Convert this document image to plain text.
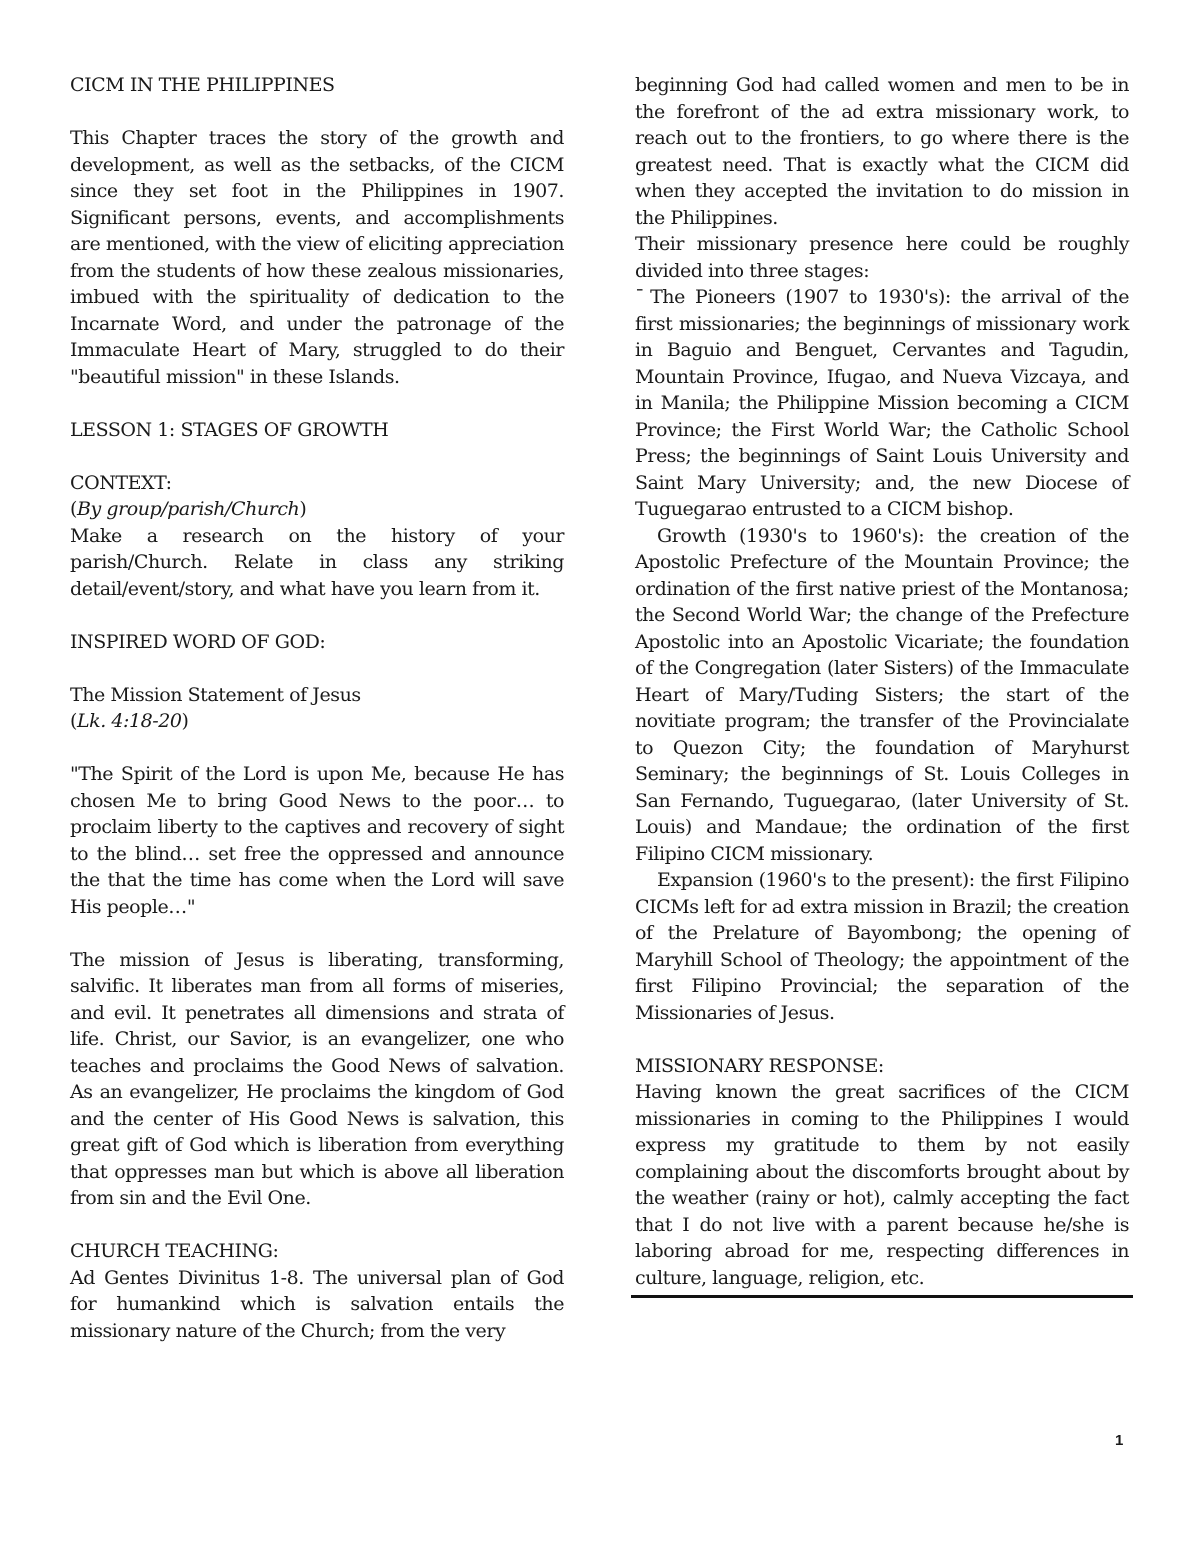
CICM IN THE PHILIPPINES

This Chapter traces the story of the growth and development, as well as the setbacks, of the CICM since they set foot in the Philippines in 1907. Significant persons, events, and accomplishments are mentioned, with the view of eliciting appreciation from the students of how these zealous missionaries, imbued with the spirituality of dedication to the Incarnate Word, and under the patronage of the Immaculate Heart of Mary, struggled to do their "beautiful mission" in these Islands.

LESSON 1: STAGES OF GROWTH

CONTEXT:

(By group/parish/Church)

Make a research on the history of your parish/Church. Relate in class any striking detail/event/story, and what have you learn from it.

INSPIRED WORD OF GOD:

The Mission Statement of Jesus

(Lk. 4:18-20)

"The Spirit of the Lord is upon Me, because He has chosen Me to bring Good News to the poor… to proclaim liberty to the captives and recovery of sight to the blind… set free the oppressed and announce the that the time has come when the Lord will save His people…"

The mission of Jesus is liberating, transforming, salvific. It liberates man from all forms of miseries, and evil. It penetrates all dimensions and strata of life. Christ, our Savior, is an evangelizer, one who teaches and proclaims the Good News of salvation. As an evangelizer, He proclaims the kingdom of God and the center of His Good News is salvation, this great gift of God which is liberation from everything that oppresses man but which is above all liberation from sin and the Evil One.

CHURCH TEACHING:

Ad Gentes Divinitus 1-8. The universal plan of God for humankind which is salvation entails the missionary nature of the Church; from the very

beginning God had called women and men to be in the forefront of the ad extra missionary work, to reach out to the frontiers, to go where there is the greatest need. That is exactly what the CICM did when they accepted the invitation to do mission in the Philippines.

Their missionary presence here could be roughly divided into three stages:

¯ The Pioneers (1907 to 1930's): the arrival of the first missionaries; the beginnings of missionary work in Baguio and Benguet, Cervantes and Tagudin, Mountain Province, Ifugao, and Nueva Vizcaya, and in Manila; the Philippine Mission becoming a CICM Province; the First World War; the Catholic School Press; the beginnings of Saint Louis University and Saint Mary University; and, the new Diocese of Tuguegarao entrusted to a CICM bishop.

Growth (1930's to 1960's): the creation of the Apostolic Prefecture of the Mountain Province; the ordination of the first native priest of the Montanosa; the Second World War; the change of the Prefecture Apostolic into an Apostolic Vicariate; the foundation of the Congregation (later Sisters) of the Immaculate Heart of Mary/Tuding Sisters; the start of the novitiate program; the transfer of the Provincialate to Quezon City; the foundation of Maryhurst Seminary; the beginnings of St. Louis Colleges in San Fernando, Tuguegarao, (later University of St. Louis) and Mandaue; the ordination of the first Filipino CICM missionary.

Expansion (1960's to the present): the first Filipino CICMs left for ad extra mission in Brazil; the creation of the Prelature of Bayombong; the opening of Maryhill School of Theology; the appointment of the first Filipino Provincial; the separation of the Missionaries of Jesus.

MISSIONARY RESPONSE:

Having known the great sacrifices of the CICM missionaries in coming to the Philippines I would express my gratitude to them by not easily complaining about the discomforts brought about by the weather (rainy or hot), calmly accepting the fact that I do not live with a parent because he/she is laboring abroad for me, respecting differences in culture, language, religion, etc.

1
